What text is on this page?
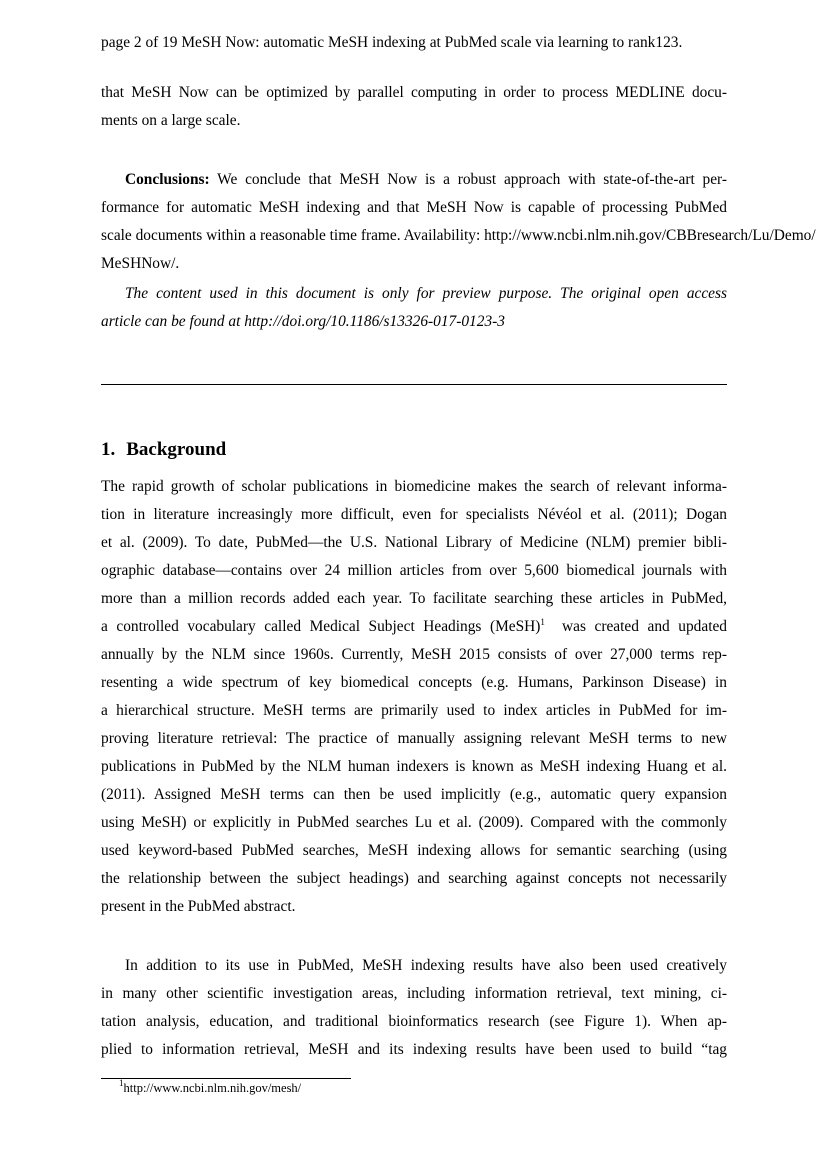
page 2 of 19 MeSH Now: automatic MeSH indexing at PubMed scale via learning to rank123.
that MeSH Now can be optimized by parallel computing in order to process MEDLINE docu-
ments on a large scale.
Conclusions: We conclude that MeSH Now is a robust approach with state-of-the-art per-
formance for automatic MeSH indexing and that MeSH Now is capable of processing PubMed
scale documents within a reasonable time frame. Availability: http://www.ncbi.nlm.nih.gov/CBBresearch/Lu/Demo/
MeSHNow/.
The content used in this document is only for preview purpose. The original open access
article can be found at http://doi.org/10.1186/s13326-017-0123-3
1. Background
The rapid growth of scholar publications in biomedicine makes the search of relevant informa-
tion in literature increasingly more difficult, even for specialists Névéol et al. (2011); Dogan
et al. (2009). To date, PubMed—the U.S. National Library of Medicine (NLM) premier bibli-
ographic database—contains over 24 million articles from over 5,600 biomedical journals with
more than a million records added each year. To facilitate searching these articles in PubMed,
a controlled vocabulary called Medical Subject Headings (MeSH)$^1$ was created and updated
annually by the NLM since 1960s. Currently, MeSH 2015 consists of over 27,000 terms rep-
resenting a wide spectrum of key biomedical concepts (e.g. Humans, Parkinson Disease) in
a hierarchical structure. MeSH terms are primarily used to index articles in PubMed for im-
proving literature retrieval: The practice of manually assigning relevant MeSH terms to new
publications in PubMed by the NLM human indexers is known as MeSH indexing Huang et al.
(2011). Assigned MeSH terms can then be used implicitly (e.g., automatic query expansion
using MeSH) or explicitly in PubMed searches Lu et al. (2009). Compared with the commonly
used keyword-based PubMed searches, MeSH indexing allows for semantic searching (using
the relationship between the subject headings) and searching against concepts not necessarily
present in the PubMed abstract.
In addition to its use in PubMed, MeSH indexing results have also been used creatively
in many other scientific investigation areas, including information retrieval, text mining, ci-
tation analysis, education, and traditional bioinformatics research (see Figure 1). When ap-
plied to information retrieval, MeSH and its indexing results have been used to build “tag
$^1$http://www.ncbi.nlm.nih.gov/mesh/
